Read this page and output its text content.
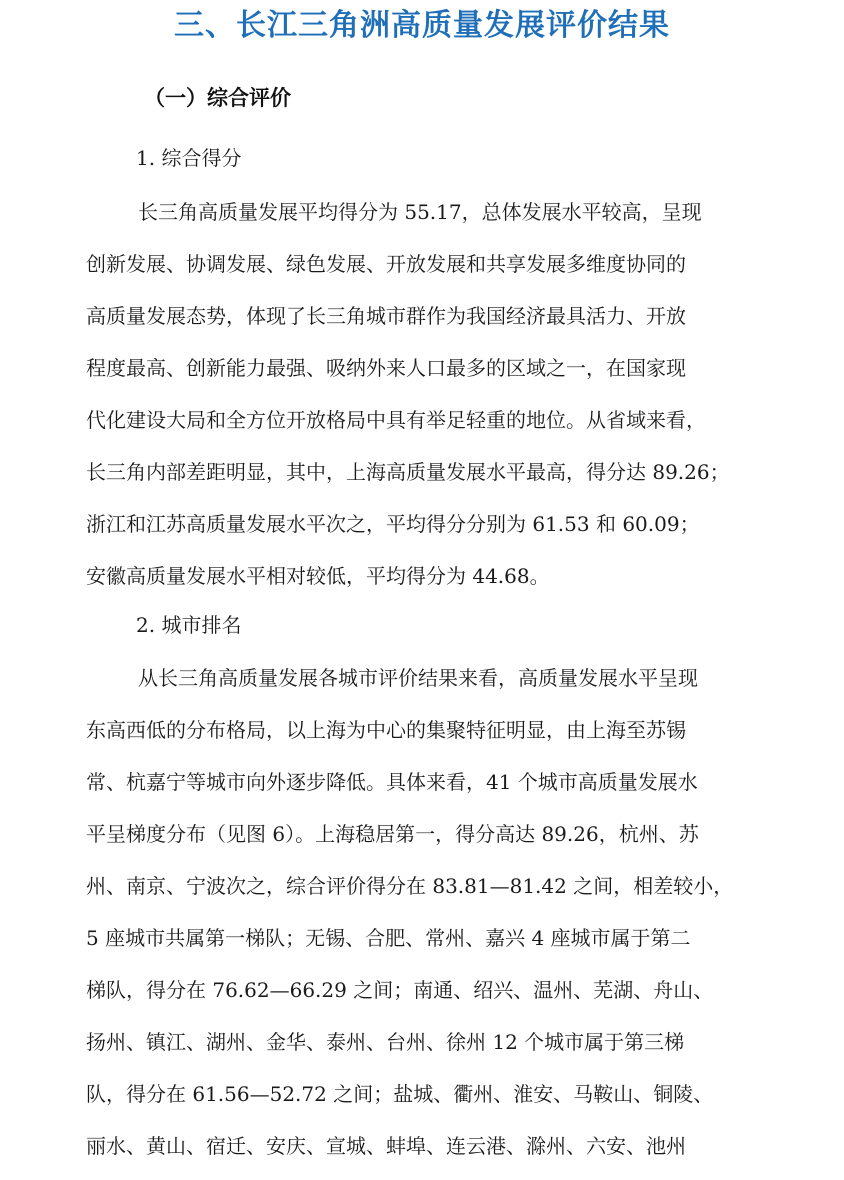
三、长江三角洲高质量发展评价结果
（一）综合评价
1. 综合得分
长三角高质量发展平均得分为 55.17，总体发展水平较高，呈现
创新发展、协调发展、绿色发展、开放发展和共享发展多维度协同的
高质量发展态势，体现了长三角城市群作为我国经济最具活力、开放
程度最高、创新能力最强、吸纳外来人口最多的区域之一，在国家现
代化建设大局和全方位开放格局中具有举足轻重的地位。从省域来看，
长三角内部差距明显，其中，上海高质量发展水平最高，得分达 89.26；
浙江和江苏高质量发展水平次之，平均得分分别为 61.53 和 60.09；
安徽高质量发展水平相对较低，平均得分为 44.68。
2. 城市排名
从长三角高质量发展各城市评价结果来看，高质量发展水平呈现
东高西低的分布格局，以上海为中心的集聚特征明显，由上海至苏锡
常、杭嘉宁等城市向外逐步降低。具体来看，41 个城市高质量发展水
平呈梯度分布（见图 6）。上海稳居第一，得分高达 89.26，杭州、苏
州、南京、宁波次之，综合评价得分在 83.81—81.42 之间，相差较小，
5 座城市共属第一梯队；无锡、合肥、常州、嘉兴 4 座城市属于第二
梯队，得分在 76.62—66.29 之间；南通、绍兴、温州、芜湖、舟山、
扬州、镇江、湖州、金华、泰州、台州、徐州 12 个城市属于第三梯
队，得分在 61.56—52.72 之间；盐城、衢州、淮安、马鞍山、铜陵、
丽水、黄山、宿迁、安庆、宣城、蚌埠、连云港、滁州、六安、池州
